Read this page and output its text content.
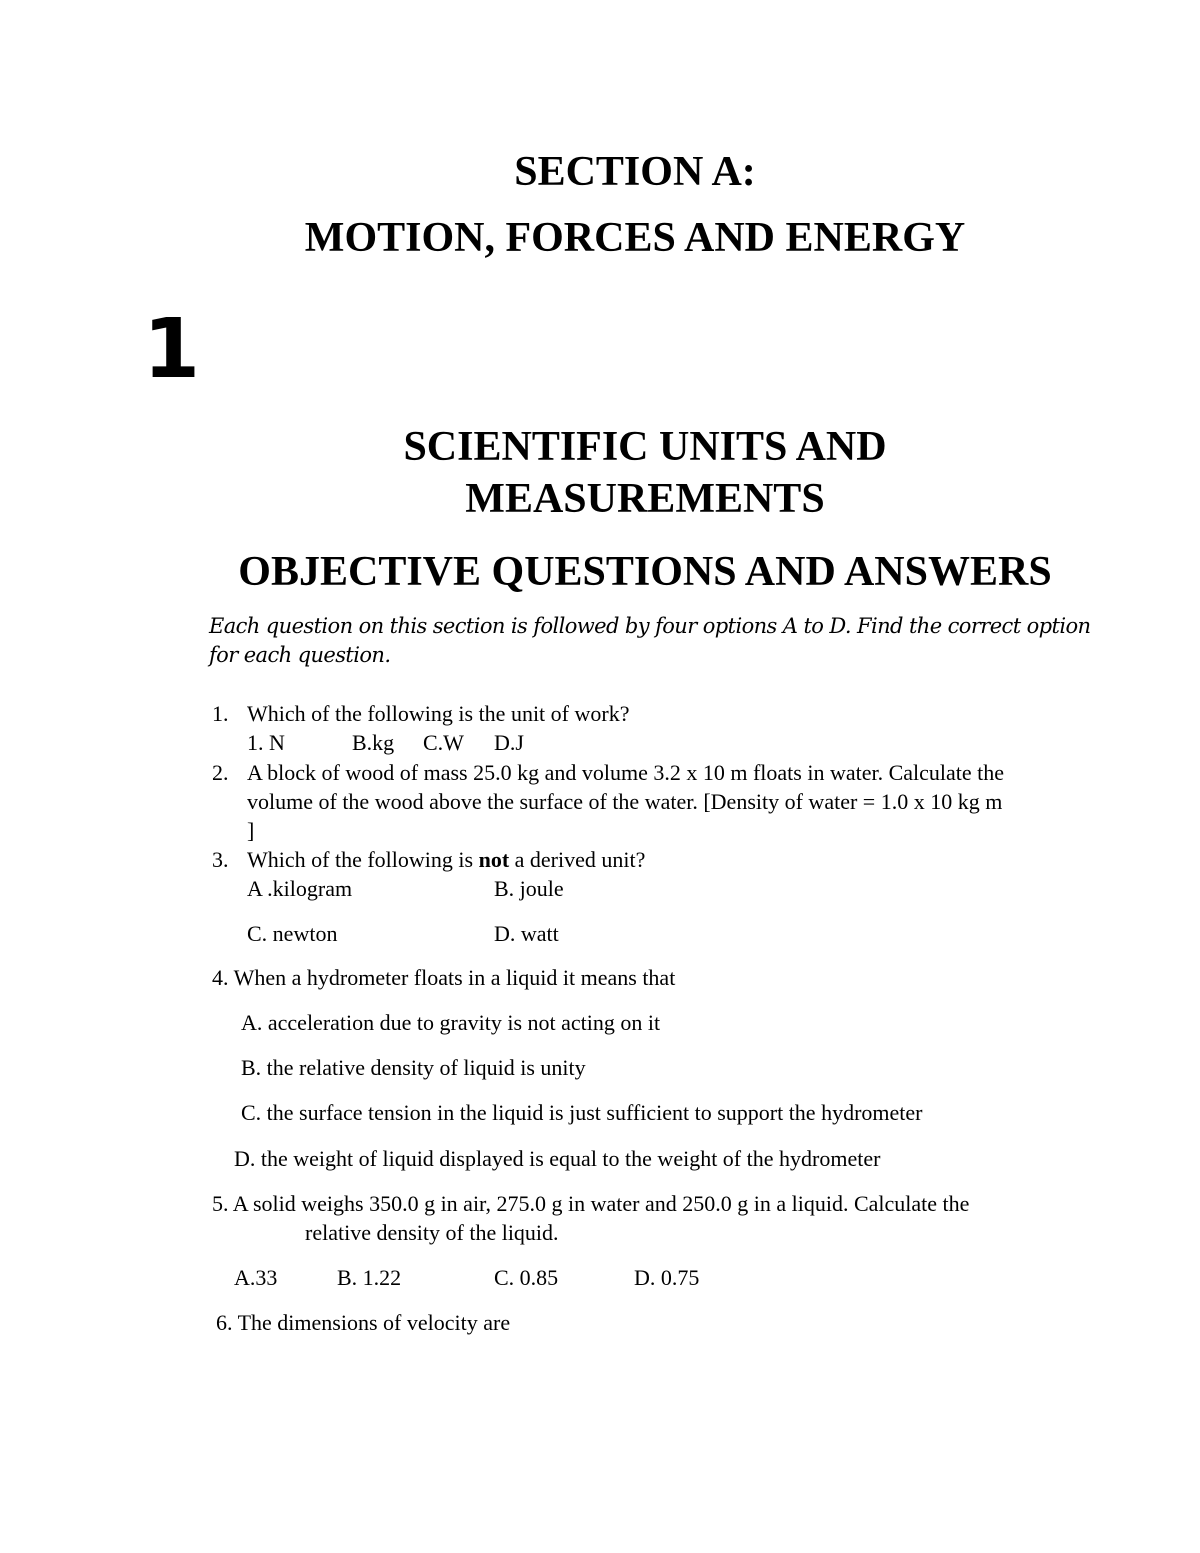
SECTION A:
MOTION, FORCES AND ENERGY
1
SCIENTIFIC UNITS AND
MEASUREMENTS
OBJECTIVE QUESTIONS AND ANSWERS
Each question on this section is followed by four options A to D. Find the correct option
for each question.
1. Which of the following is the unit of work?
1. N	B.kg C.W D.J
2. A block of wood of mass 25.0 kg and volume 3.2 x 10 m floats in water. Calculate the
volume of the wood above the surface of the water. [Density of water = 1.0 x 10 kg m
]
3. Which of the following is not a derived unit?
A .kilogram	B. joule
C. newton	D. watt
4. When a hydrometer floats in a liquid it means that
A. acceleration due to gravity is not acting on it
B. the relative density of liquid is unity
C. the surface tension in the liquid is just sufficient to support the hydrometer
D. the weight of liquid displayed is equal to the weight of the hydrometer
5. A solid weighs 350.0 g in air, 275.0 g in water and 250.0 g in a liquid. Calculate the
relative density of the liquid.
A.33	B. 1.22	C. 0.85	D. 0.75
6. The dimensions of velocity are
